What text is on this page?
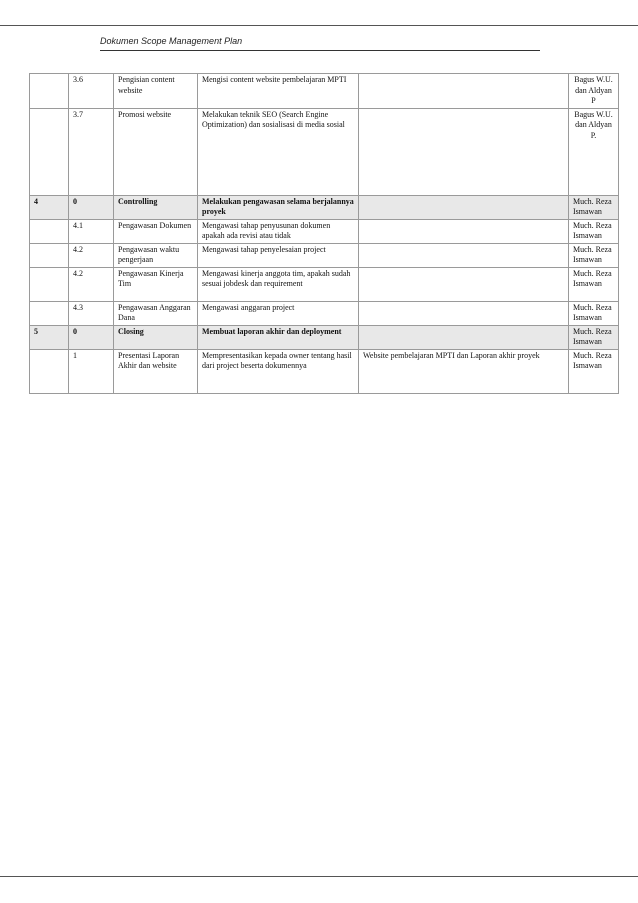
Dokumen Scope Management Plan
	3.6	Pengisian content website	Mengisi content website pembelajaran MPTI		Bagus W.U. dan Aldyan P
	3.7	Promosi website	Melakukan teknik SEO (Search Engine Optimization) dan sosialisasi di media sosial		Bagus W.U. dan Aldyan P.
4	0	Controlling	Melakukan pengawasan selama berjalannya proyek		Much. Reza Ismawan
	4.1	Pengawasan Dokumen	Mengawasi tahap penyusunan dokumen apakah ada revisi atau tidak		Much. Reza Ismawan
	4.2	Pengawasan waktu pengerjaan	Mengawasi tahap penyelesaian project		Much. Reza Ismawan
	4.2	Pengawasan Kinerja Tim	Mengawasi kinerja anggota tim, apakah sudah sesuai jobdesk dan requirement		Much. Reza Ismawan
	4.3	Pengawasan Anggaran Dana	Mengawasi anggaran project		Much. Reza Ismawan
5	0	Closing	Membuat laporan akhir dan deployment		Much. Reza Ismawan
	1	Presentasi Laporan Akhir dan website	Mempresentasikan kepada owner tentang hasil dari project beserta dokumennya	Website pembelajaran MPTI dan Laporan akhir proyek	Much. Reza Ismawan
